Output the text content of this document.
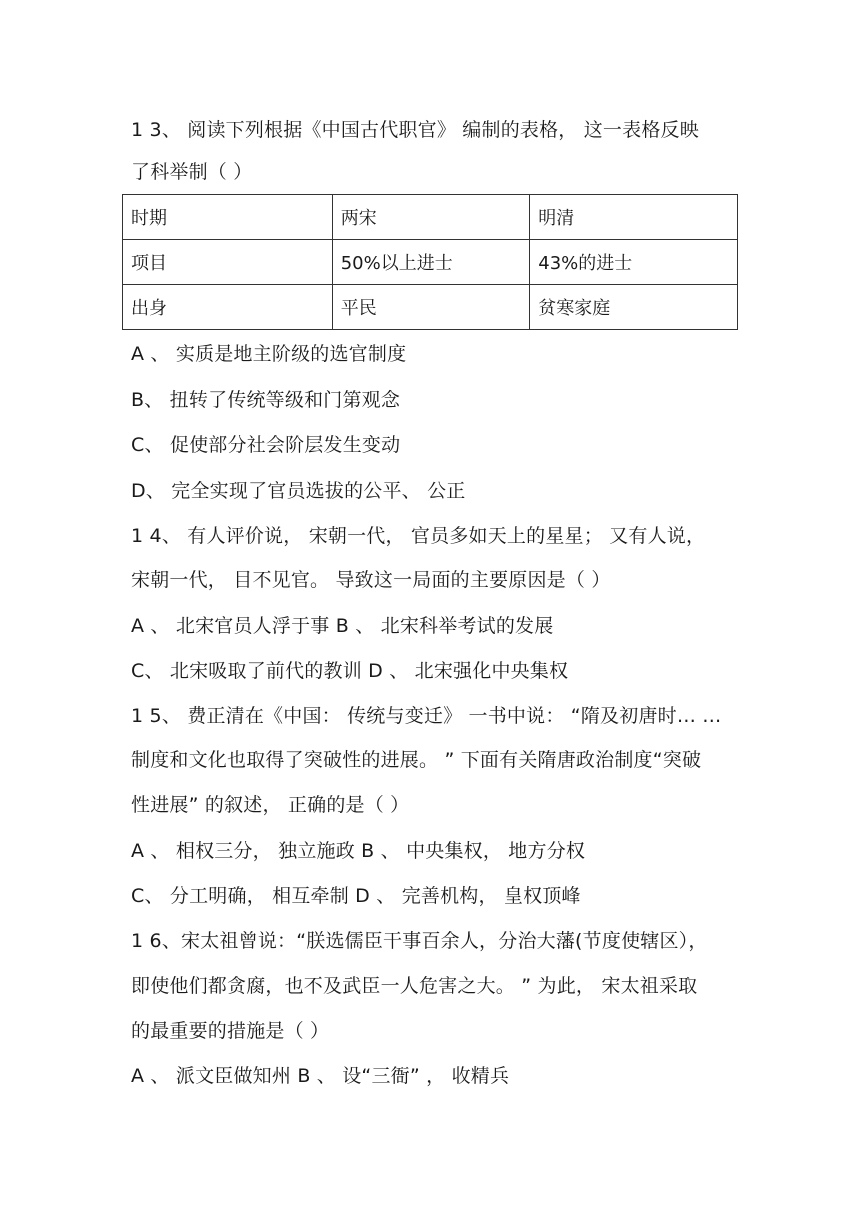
1 3、 阅读下列根据《中国古代职官》 编制的表格， 这一表格反映
了科举制（ ）
时期	两宋	明清
项目	50%以上进士	43%的进士
出身	平民	贫寒家庭
A 、 实质是地主阶级的选官制度
B、 扭转了传统等级和门第观念
C、 促使部分社会阶层发生变动
D、 完全实现了官员选拔的公平、 公正
1 4、 有人评价说， 宋朝一代， 官员多如天上的星星； 又有人说，
宋朝一代， 目不见官。 导致这一局面的主要原因是（ ）
A 、 北宋官员人浮于事 B 、 北宋科举考试的发展
C、 北宋吸取了前代的教训 D 、 北宋强化中央集权
1 5、 费正清在《中国： 传统与变迁》 一书中说： “隋及初唐时… …
制度和文化也取得了突破性的进展。 ” 下面有关隋唐政治制度“突破
性进展” 的叙述， 正确的是（ ）
A 、 相权三分， 独立施政 B 、 中央集权， 地方分权
C、 分工明确， 相互牵制 D 、 完善机构， 皇权顶峰
1 6、宋太祖曾说：“朕选儒臣干事百余人，分治大藩(节度使辖区），
即使他们都贪腐，也不及武臣一人危害之大。 ” 为此， 宋太祖采取
的最重要的措施是（ ）
A 、 派文臣做知州 B 、 设“三衙” ， 收精兵
